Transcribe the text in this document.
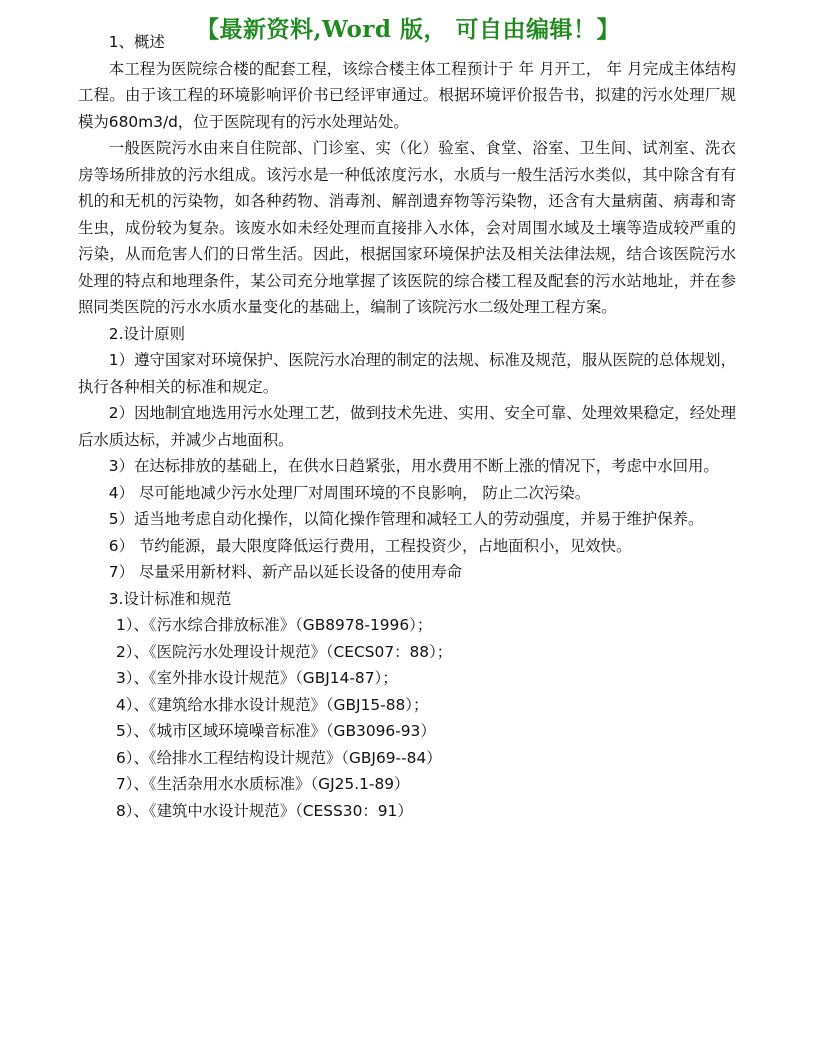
【最新资料,Word 版， 可自由编辑！】

1、概述

本工程为医院综合楼的配套工程，该综合楼主体工程预计于 年 月开工， 年 月完成主体结构工程。由于该工程的环境影响评价书已经评审通过。根据环境评价报告书，拟建的污水处理厂规模为680m3/d，位于医院现有的污水处理站处。

一般医院污水由来自住院部、门诊室、实（化）验室、食堂、浴室、卫生间、试剂室、洗衣房等场所排放的污水组成。该污水是一种低浓度污水，水质与一般生活污水类似，其中除含有有机的和无机的污染物，如各种药物、消毒剂、解剖遗弃物等污染物，还含有大量病菌、病毒和寄生虫，成份较为复杂。该废水如未经处理而直接排入水体，会对周围水域及土壤等造成较严重的污染，从而危害人们的日常生活。因此，根据国家环境保护法及相关法律法规，结合该医院污水处理的特点和地理条件，某公司充分地掌握了该医院的综合楼工程及配套的污水站地址，并在参照同类医院的污水水质水量变化的基础上，编制了该院污水二级处理工程方案。

2.设计原则

1）遵守国家对环境保护、医院污水冶理的制定的法规、标准及规范，服从医院的总体规划，执行各种相关的标准和规定。

2）因地制宜地选用污水处理工艺，做到技术先进、实用、安全可靠、处理效果稳定，经处理后水质达标，并减少占地面积。

3）在达标排放的基础上，在供水日趋紧张，用水费用不断上涨的情况下，考虑中水回用。

4） 尽可能地减少污水处理厂对周围环境的不良影响， 防止二次污染。

5）适当地考虑自动化操作，以简化操作管理和减轻工人的劳动强度，并易于维护保养。

6） 节约能源，最大限度降低运行费用，工程投资少，占地面积小，见效快。

7） 尽量采用新材料、新产品以延长设备的使用寿命

3.设计标准和规范

1）、《污水综合排放标准》（GB8978-1996）；

2）、《医院污水处理设计规范》（CECS07：88）；

3）、《室外排水设计规范》（GBJ14-87）；

4）、《建筑给水排水设计规范》（GBJ15-88）；

5）、《城市区域环境噪音标准》（GB3096-93）

6）、《给排水工程结构设计规范》（GBJ69--84）

7）、《生活杂用水水质标准》（GJ25.1-89）

8）、《建筑中水设计规范》（CESS30：91）
